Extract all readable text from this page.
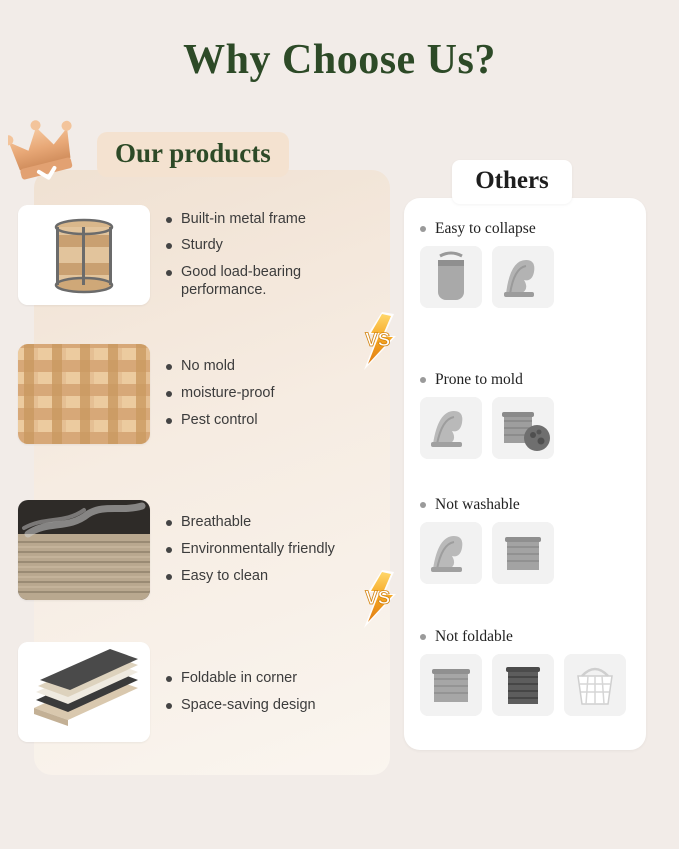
Why Choose Us?
Our products
Built-in metal frame
Sturdy
Good load-bearing performance.
No mold
moisture-proof
Pest control
Breathable
Environmentally friendly
Easy to clean
Foldable in corner
Space-saving design
Others
Easy to collapse
Prone to mold
Not washable
Not foldable
VS
VS
